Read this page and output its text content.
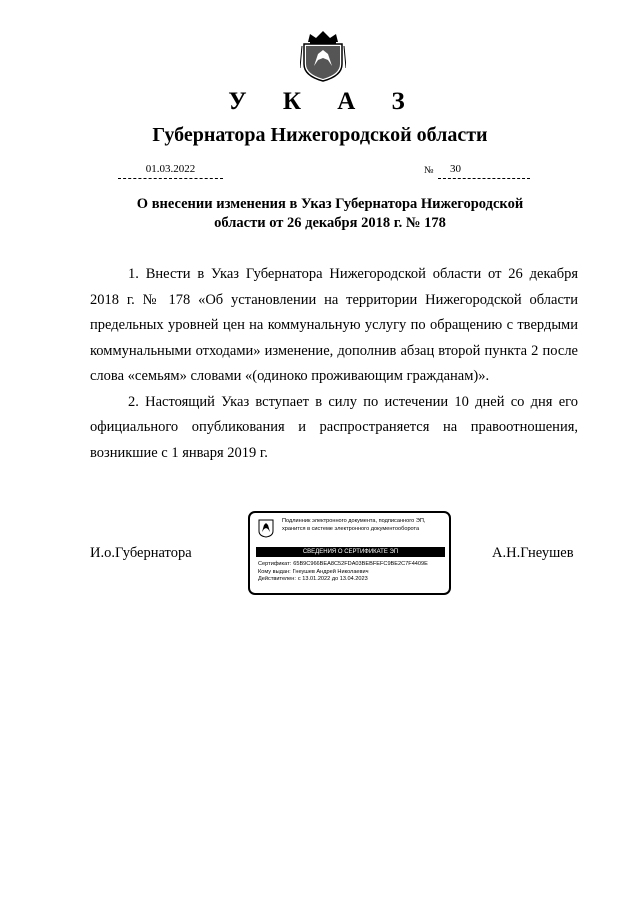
У К А З
Губернатора Нижегородской области
01.03.2022	№	30
О внесении изменения в Указ Губернатора Нижегородской
области от 26 декабря 2018 г. № 178

1. Внести в Указ Губернатора Нижегородской области от 26 декабря 2018 г. № 178 «Об установлении на территории Нижегородской области предельных уровней цен на коммунальную услугу по обращению с твердыми коммунальными отходами» изменение, дополнив абзац второй пункта 2 после слова «семьям» словами «(одиноко проживающим гражданам)».

2. Настоящий Указ вступает в силу по истечении 10 дней со дня его официального опубликования и распространяется на правоотношения, возникшие с 1 января 2019 г.

И.о.Губернатора	А.Н.Гнеушев
Подлинник электронного документа, подписанного ЭП,
хранится в системе электронного документооборота
СВЕДЕНИЯ О СЕРТИФИКАТЕ ЭП
Сертификат: 65B9C966BEA8C52FDA03BEBFEFC9BE2C7F4409E
Кому выдан: Гнеушев Андрей Николаевич
Действителен: с 13.01.2022 до 13.04.2023
